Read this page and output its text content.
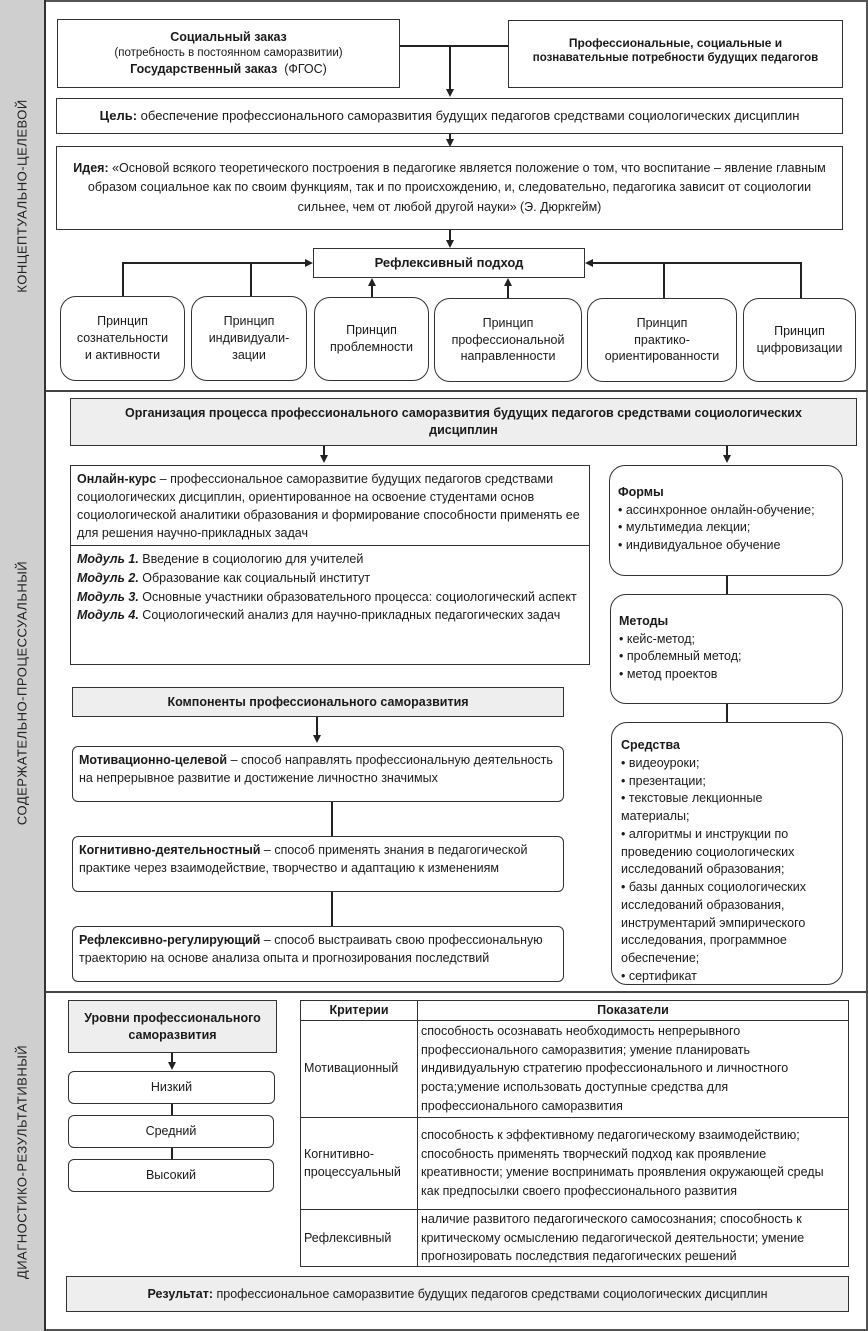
КОНЦЕПТУАЛЬНО-ЦЕЛЕВОЙ
Социальный заказ
(потребность в постоянном саморазвитии)
Государственный заказ (ФГОС)
Профессиональные, социальные и
познавательные потребности будущих педагогов
Цель: обеспечение профессионального саморазвития будущих педагогов средствами социологических дисциплин
Идея: «Основой всякого теоретического построения в педагогике является положение о том, что воспитание – явление главным образом социальное как по своим функциям, так и по происхождению, и, следовательно, педагогика зависит от социологии сильнее, чем от любой другой науки» (Э. Дюркгейм)
Рефлексивный подход
Принцип
сознательности
и активности
Принцип
индивидуали-
зации
Принцип
проблемности
Принцип
профессиональной
направленности
Принцип
практико-
ориентированности
Принцип
цифровизации
СОДЕРЖАТЕЛЬНО-ПРОЦЕССУАЛЬНЫЙ
Организация процесса профессионального саморазвития будущих педагогов средствами социологических дисциплин
Онлайн-курс – профессиональное саморазвитие будущих педагогов средствами социологических дисциплин, ориентированное на освоение студентами основ социологической аналитики образования и формирование способности применять ее для решения научно-прикладных задач
Модуль 1. Введение в социологию для учителей
Модуль 2. Образование как социальный институт
Модуль 3. Основные участники образовательного процесса: социологический аспект
Модуль 4. Социологический анализ для научно-прикладных педагогических задач
Компоненты профессионального саморазвития
Мотивационно-целевой – способ направлять профессиональную деятельность на непрерывное развитие и достижение личностно значимых
Когнитивно-деятельностный – способ применять знания в педагогической практике через взаимодействие, творчество и адаптацию к изменениям
Рефлексивно-регулирующий – способ выстраивать свою профессиональную траекторию на основе анализа опыта и прогнозирования последствий
Формы
• ассинхронное онлайн-обучение;
• мультимедиа лекции;
• индивидуальное обучение
Методы
• кейс-метод;
• проблемный метод;
• метод проектов
Средства
• видеоуроки;
• презентации;
• текстовые лекционные материалы;
• алгоритмы и инструкции по проведению социологических исследований образования;
• базы данных социологических исследований образования, инструментарий эмпирического исследования, программное обеспечение;
• сертификат
ДИАГНОСТИКО-РЕЗУЛЬТАТИВНЫЙ
Уровни профессионального саморазвития
Низкий
Средний
Высокий
Критерии	Показатели
Мотивационный	способность осознавать необходимость непрерывного профессионального саморазвития; умение планировать индивидуальную стратегию профессионального и личностного роста;умение использовать доступные средства для профессионального саморазвития
Когнитивно-процессуальный	способность к эффективному педагогическому взаимодействию; способность применять творческий подход как проявление креативности; умение воспринимать проявления окружающей среды как предпосылки своего профессионального развития
Рефлексивный	наличие развитого педагогического самосознания; способность к критическому осмыслению педагогической деятельности; умение прогнозировать последствия педагогических решений
Результат: профессиональное саморазвитие будущих педагогов средствами социологических дисциплин
